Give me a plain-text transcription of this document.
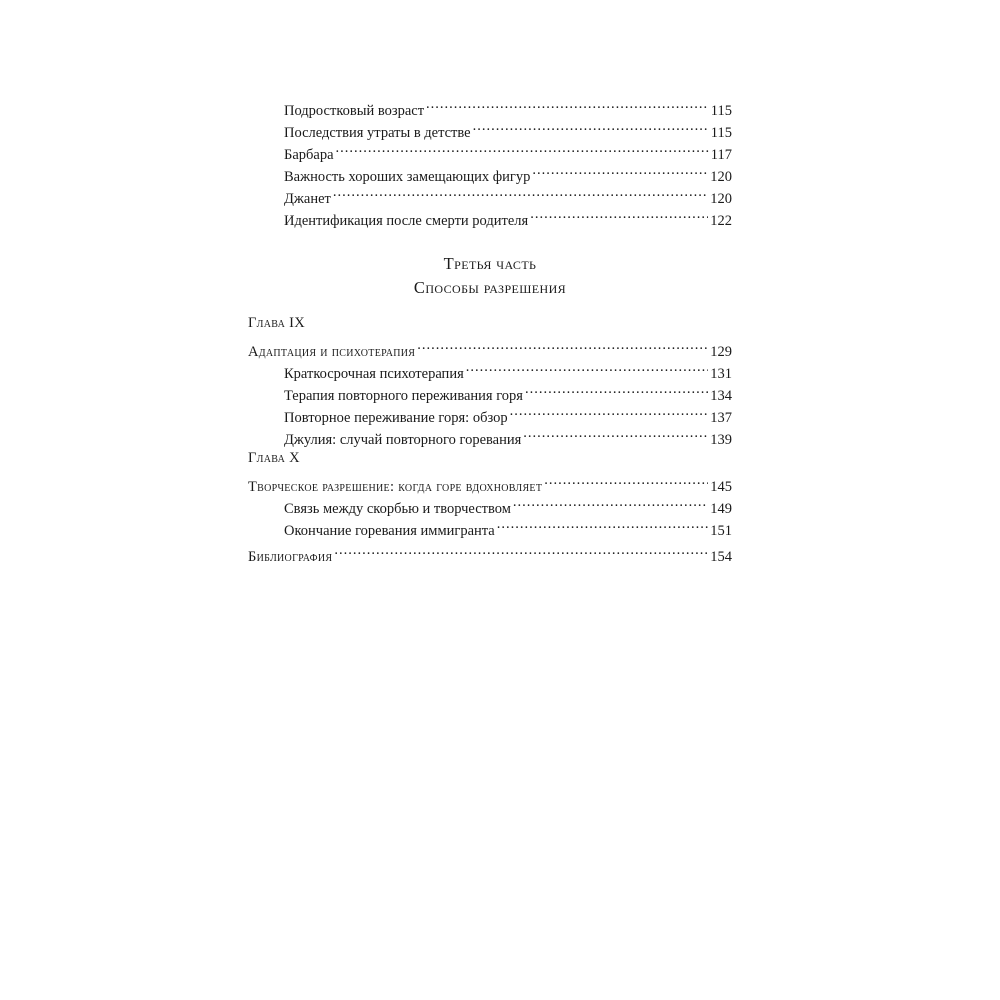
Подростковый возраст .....	115
Последствия утраты в детстве .....	115
Барбара .....	117
Важность хороших замещающих фигур .....	120
Джанет .....	120
Идентификация после смерти родителя .....	122
Третья часть
Способы разрешения
Глава IX
Адаптация и психотерапия .....	129
Краткосрочная психотерапия .....	131
Терапия повторного переживания горя .....	134
Повторное переживание горя: обзор .....	137
Джулия: случай повторного горевания .....	139
Глава X
Творческое разрешение: когда горе вдохновляет .....	145
Связь между скорбью и творчеством .....	149
Окончание горевания иммигранта .....	151
Библиография .....	154
